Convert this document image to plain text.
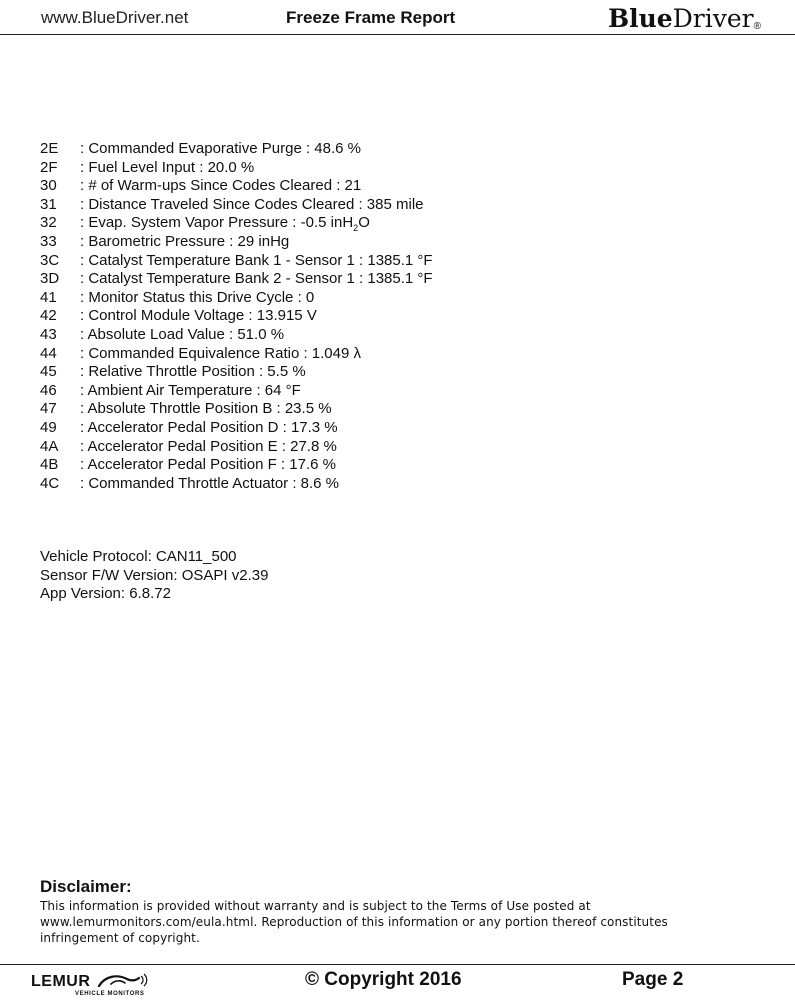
www.BlueDriver.net	Freeze Frame Report	BlueDriver®
2E	: Commanded Evaporative Purge : 48.6 %
2F	: Fuel Level Input : 20.0 %
30	: # of Warm-ups Since Codes Cleared : 21
31	: Distance Traveled Since Codes Cleared : 385 mile
32	: Evap. System Vapor Pressure : -0.5 inH$_2$O
33	: Barometric Pressure : 29 inHg
3C	: Catalyst Temperature Bank 1 - Sensor 1 : 1385.1 °F
3D	: Catalyst Temperature Bank 2 - Sensor 1 : 1385.1 °F
41	: Monitor Status this Drive Cycle : 0
42	: Control Module Voltage : 13.915 V
43	: Absolute Load Value : 51.0 %
44	: Commanded Equivalence Ratio : 1.049 λ
45	: Relative Throttle Position : 5.5 %
46	: Ambient Air Temperature : 64 °F
47	: Absolute Throttle Position B : 23.5 %
49	: Accelerator Pedal Position D : 17.3 %
4A	: Accelerator Pedal Position E : 27.8 %
4B	: Accelerator Pedal Position F : 17.6 %
4C	: Commanded Throttle Actuator : 8.6 %
Vehicle Protocol: CAN11_500
Sensor F/W Version: OSAPI v2.39
App Version: 6.8.72
Disclaimer:
This information is provided without warranty and is subject to the Terms of Use posted at
www.lemurmonitors.com/eula.html. Reproduction of this information or any portion thereof constitutes
infringement of copyright.
LEMUR
VEHICLE MONITORS
© Copyright 2016	Page 2
